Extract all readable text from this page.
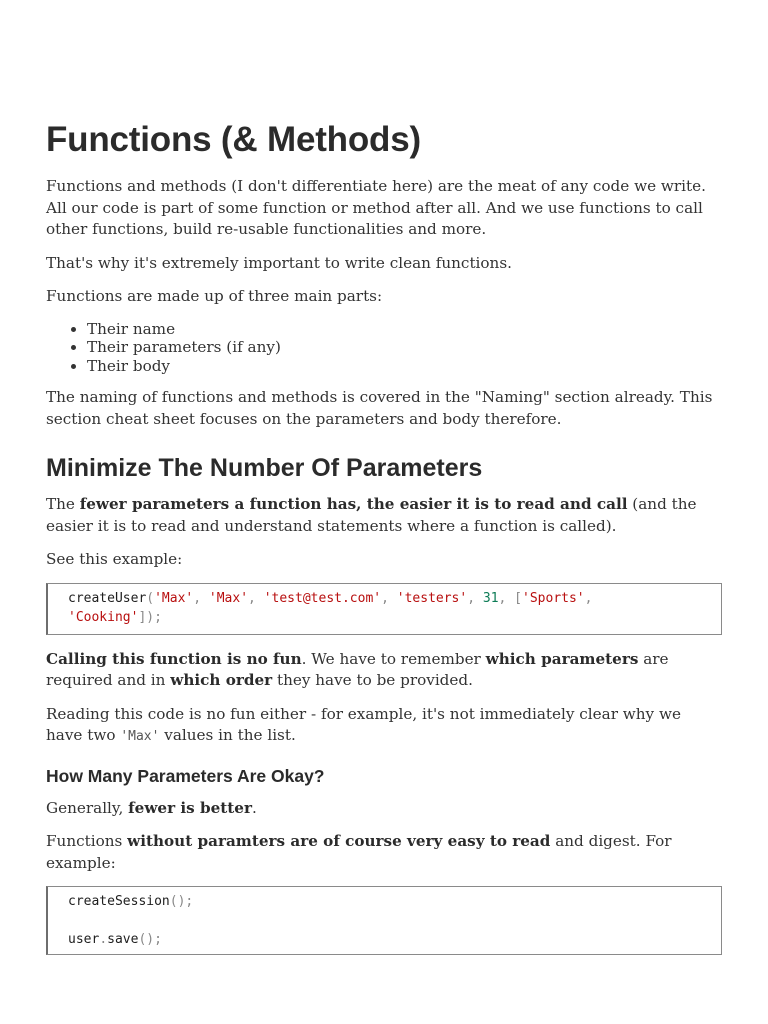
Functions (& Methods)

Functions and methods (I don't differentiate here) are the meat of any code we write. All our code is part of some function or method after all. And we use functions to call other functions, build re-usable functionalities and more.

That's why it's extremely important to write clean functions.

Functions are made up of three main parts:

• Their name
• Their parameters (if any)
• Their body

The naming of functions and methods is covered in the "Naming" section already. This section cheat sheet focuses on the parameters and body therefore.

Minimize The Number Of Parameters

The fewer parameters a function has, the easier it is to read and call (and the easier it is to read and understand statements where a function is called).

See this example:

createUser('Max', 'Max', 'test@test.com', 'testers', 31, ['Sports',
'Cooking']);

Calling this function is no fun. We have to remember which parameters are required and in which order they have to be provided.

Reading this code is no fun either - for example, it's not immediately clear why we have two 'Max' values in the list.

How Many Parameters Are Okay?

Generally, fewer is better.

Functions without paramters are of course very easy to read and digest. For example:

createSession();

user.save();
